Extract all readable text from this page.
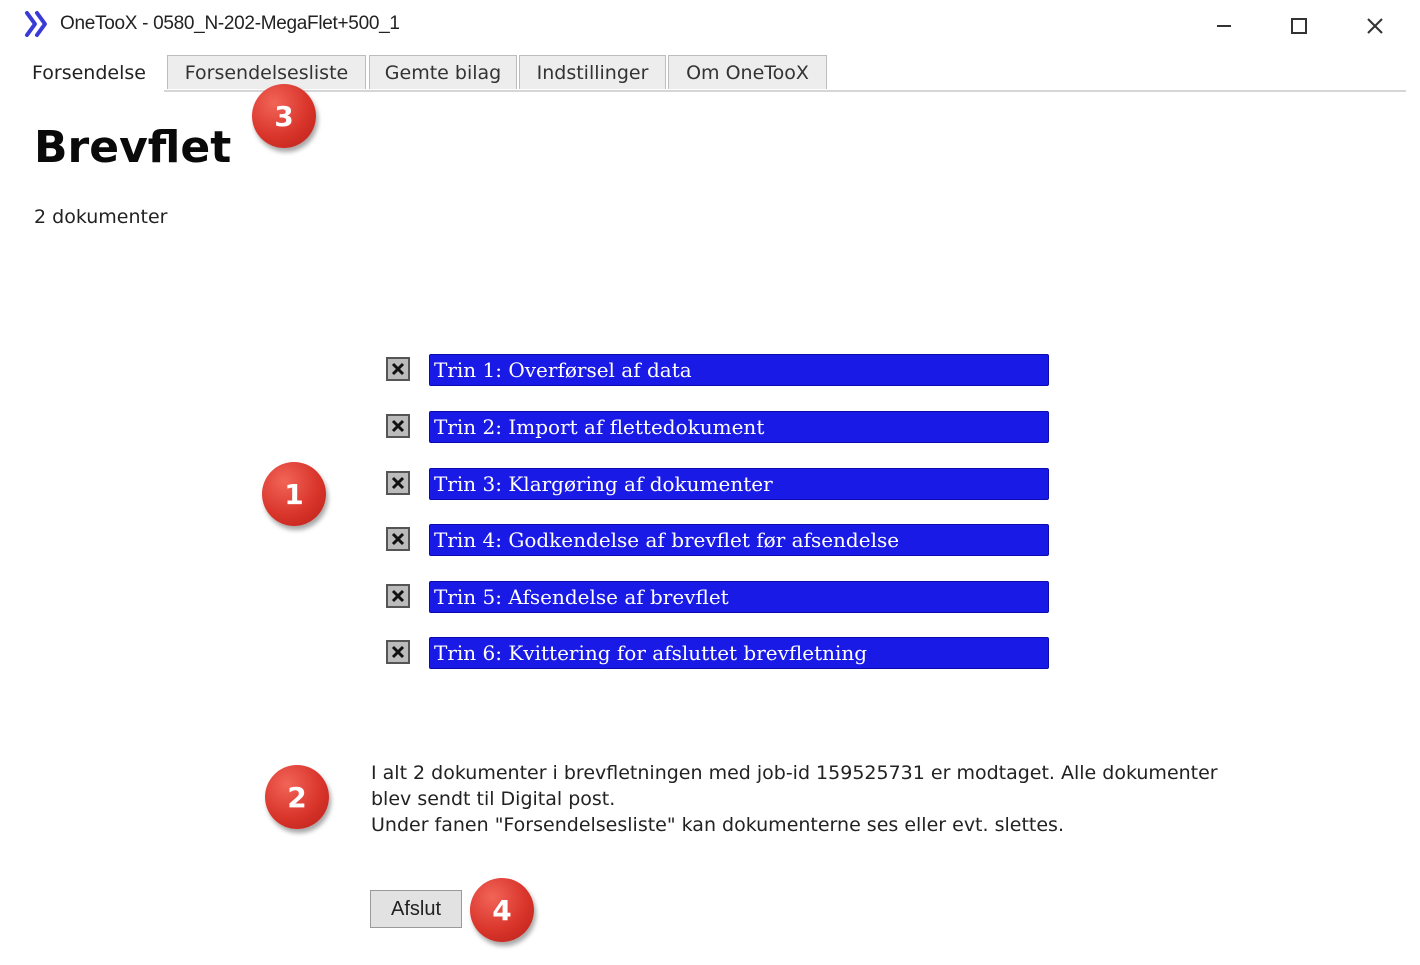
OneTooX - 0580_N-202-MegaFlet+500_1
Forsendelse	Forsendelsesliste	Gemte bilag	Indstillinger	Om OneTooX
Brevflet
2 dokumenter
Trin 1: Overførsel af data
Trin 2: Import af flettedokument
Trin 3: Klargøring af dokumenter
Trin 4: Godkendelse af brevflet før afsendelse
Trin 5: Afsendelse af brevflet
Trin 6: Kvittering for afsluttet brevfletning
I alt 2 dokumenter i brevfletningen med job-id 159525731 er modtaget. Alle dokumenter
blev sendt til Digital post.
Under fanen "Forsendelsesliste" kan dokumenterne ses eller evt. slettes.
Afslut
3
1
2
4
